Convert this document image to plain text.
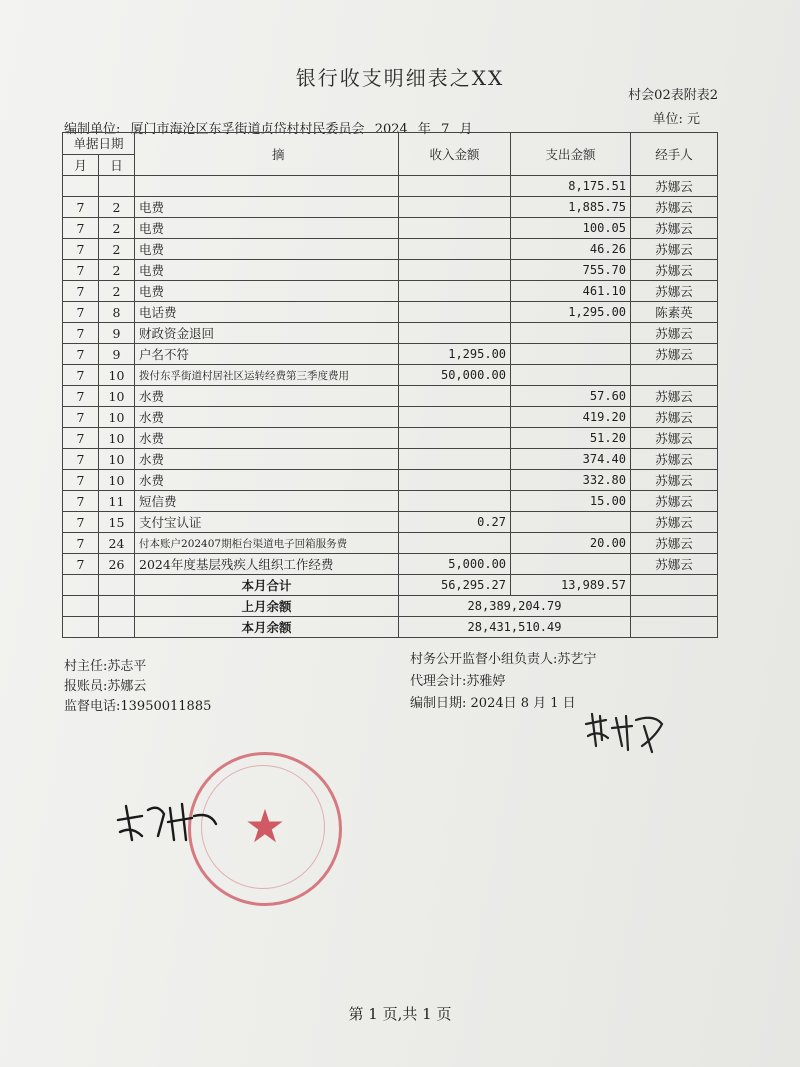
银行收支明细表之XX
村会02表附表2
单位: 元
编制单位: 厦门市海沧区东孚街道贞岱村村民委员会 2024 年 7 月
单据日期		摘	收入金额	支出金额	经手人
月	日				
				8,175.51	苏娜云
7	2	电费		1,885.75	苏娜云
7	2	电费		100.05	苏娜云
7	2	电费		46.26	苏娜云
7	2	电费		755.70	苏娜云
7	2	电费		461.10	苏娜云
7	8	电话费		1,295.00	陈素英
7	9	财政资金退回			苏娜云
7	9	户名不符	1,295.00		苏娜云
7	10	拨付东孚街道村居社区运转经费第三季度费用	50,000.00		
7	10	水费		57.60	苏娜云
7	10	水费		419.20	苏娜云
7	10	水费		51.20	苏娜云
7	10	水费		374.40	苏娜云
7	10	水费		332.80	苏娜云
7	11	短信费		15.00	苏娜云
7	15	支付宝认证	0.27		苏娜云
7	24	付本账户202407期柜台渠道电子回箱服务费		20.00	苏娜云
7	26	2024年度基层残疾人组织工作经费	5,000.00		苏娜云
		本月合计	56,295.27	13,989.57	
		上月余额	28,389,204.79		
		本月余额	28,431,510.49		
村主任:苏志平
报账员:苏娜云
监督电话:13950011885
村务公开监督小组负责人:苏艺宁
代理会计:苏雅婷
编制日期: 2024日 8 月 1 日
★
第 1 页,共 1 页
